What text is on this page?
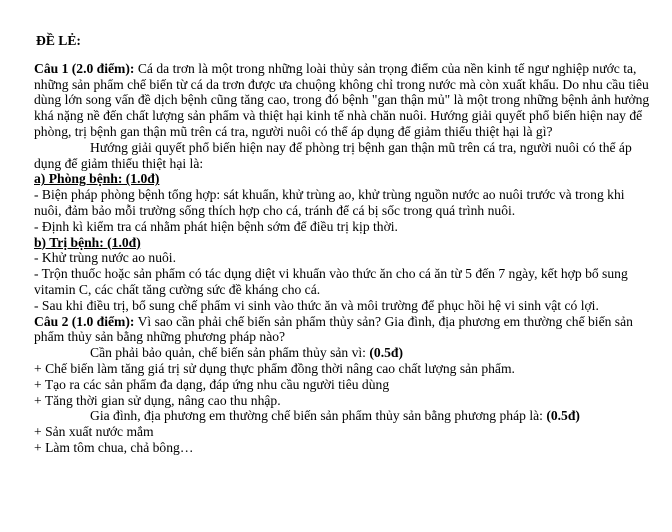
ĐỀ LẺ:

Câu 1 (2.0 điểm): Cá da trơn là một trong những loài thủy sản trọng điểm của nền kinh tế ngư nghiệp nước ta, những sản phẩm chế biến từ cá da trơn được ưa chuộng không chỉ trong nước mà còn xuất khẩu. Do nhu cầu tiêu dùng lớn song vấn đề dịch bệnh cũng tăng cao, trong đó bệnh "gan thận mủ" là một trong những bệnh ảnh hưởng khá nặng nề đến chất lượng sản phẩm và thiệt hại kinh tế nhà chăn nuôi. Hướng giải quyết phổ biến hiện nay để phòng, trị bệnh gan thận mũ trên cá tra, người nuôi có thể áp dụng để giảm thiểu thiệt hại là gì?

Hướng giải quyết phổ biến hiện nay để phòng trị bệnh gan thận mũ trên cá tra, người nuôi có thể áp dụng để giảm thiểu thiệt hại là:

a) Phòng bệnh: (1.0đ)

- Biện pháp phòng bệnh tổng hợp: sát khuẩn, khử trùng ao, khử trùng nguồn nước ao nuôi trước và trong khi nuôi, đảm bảo mỗi trường sống thích hợp cho cá, tránh để cá bị sốc trong quá trình nuôi.

- Định kì kiểm tra cá nhằm phát hiện bệnh sớm để điều trị kịp thời.

b) Trị bệnh: (1.0đ)

- Khử trùng nước ao nuôi.

- Trộn thuốc hoặc sản phẩm có tác dụng diệt vi khuẩn vào thức ăn cho cá ăn từ 5 đến 7 ngày, kết hợp bổ sung vitamin C, các chất tăng cường sức đề kháng cho cá.

- Sau khi điều trị, bổ sung chế phẩm vi sinh vào thức ăn và môi trường để phục hồi hệ vi sinh vật có lợi.

Câu 2 (1.0 điểm): Vì sao cần phải chế biến sản phẩm thủy sản? Gia đình, địa phương em thường chế biến sản phẩm thủy sản bằng những phương pháp nào?

Cần phải bảo quản, chế biến sản phẩm thủy sản vì: (0.5đ)

+ Chế biến làm tăng giá trị sử dụng thực phẩm đồng thời nâng cao chất lượng sản phẩm.

+ Tạo ra các sản phẩm đa dạng, đáp ứng nhu cầu người tiêu dùng

+ Tăng thời gian sử dụng, nâng cao thu nhập.

Gia đình, địa phương em thường chế biến sản phẩm thủy sản bằng phương pháp là: (0.5đ)

+ Sản xuất nước mắm

+ Làm tôm chua, chả bông…
